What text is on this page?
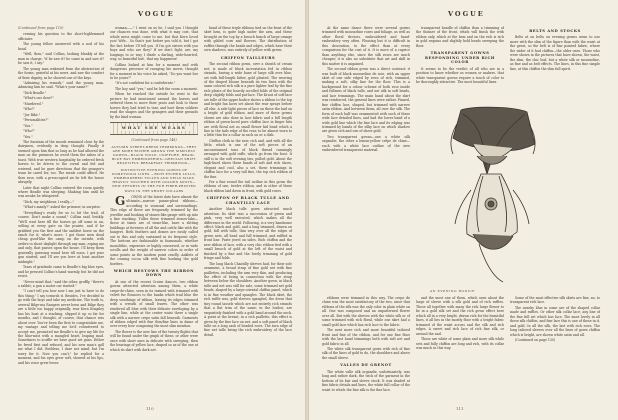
VOGUE
(Continued from page 110)

cerning his question to the short-legblemmed officiaire.

The young fellow answered with a nod of his head.

"Well, then," said Collins, looking blankly at the man in charge, "if he saw it? he came in and saw it? he saw it, I say."

The young man wakened from the abstraction of the forms, grateful at his news, and saw the comfort of their dignity, as he showed one of the keys.

"Admiring his remark," said the young man. Admiring him he said. "What's your name?"

"Dick Beadle."

"What's our dose?"

"Murdered."

"Who?"

"Joe Bike."

"Personalities?"

"You."

"Who?"

"You."

The fountain of the moods remained close by the dairymen, evidently in deep thought. Finally it seemed upon him that so long as he had allowed the man on the premises he owed them the ashes of a toast. With true western hospitality he ordered fresh horses to be driven to the corral and fed and watered, and he gave directions that the granger's team be cared for, too. The meals could afford. He then rose, with a preoccupied air he left the house abruptly.

Later that night Collins entered the room quietly where Beadle was sleeping. Shaking him until he was awake he whispered:

"Dick, my neighbour, I really—"

"What's manly?" asked the prisoner, in surprise.

"Everything's ready for us to hit the trail, of course. Don't make a sound," Collins said, briskly. "We'll wait here till the horses go off some in an, selling at every gate on the prairie, and if he grabbed you the first and the saddest horse on the ranch for it; what's more, I got those men dead cheap good-like the camp on the outside, with orders to shoot daylight through any man, roping me and only, that passes upon the house. I'll keep them generally guessing round here till noon. I got your gun started, and I'll see you here at least another midnight."

Tears of gratitude came to Beadle's big blue eyes, and he pressed Collins's hand warmly, but he did not resist.

"Never mind that," said the other, gruffly, "there's a rabbit; a gun a motor car started."

"I can't tell you how now I am just to have to do this thing," I say towards it. Besides, I've decided to go with the boys and take my medicine. The truth is, several Bilge-ma Rangers never been and Bilge they are a little too happy originally, rear Kern Kingsley has his boat at a stacking, slipped it up so far for months, and I thought, of course, that chance was about over. You've been the first to congratulate me, my vantage and telling me he'd volunteered to accept me, promoted me Beadle's to give my life for the blue-mist with a mangled heart, leaping mad. Sometimes to scuffle we have good set guns. Either be freed first and refused, and his new man's gall me what I did. Ruthless, I dare not mind; but I'm sorry for it. Now you can't," he replied for a moment, and his eyes grew soft, showed at his lips, and his voice grew lower.

woman——" I went on as he, I said you I thought our chances was done, with what it may cost, that whole mess might come to me, but that Kern loved you! Wife... So that's just before you told it, but I got the fact before I'll tell you. If I'm got sisters with you boys and who are they? If we don't fight, are, my longings to or way I dizzle a darling, wide-hearted, way, so beautiful hat!, that my happiness!

Collins looked at him for a moment and with dangerous presence of ravaging his movie, thought for a moment in his voice he asked, "Do you want her to be yours?"

"It's not confident for a confederate."

The boy said "yes," and he left the room a moment.

When he reached the outside he went to the picture he had mentioned around the horses and ordered them to move their posts and look to those horses they had tried to tear, and hurt them soldiers read the shapes and the grangers and their grounds by the kind woman.

WHAT SHE WEARS
(Continued from page 148)
AUTUMN STREET-DRESS TRIMMINGS—THEY ARE MORE RICHER AMONG THE SIMPLEST GOWNS—BLACK VOILE, COIFFURE, BRAID, BLUE BAY EMBROIDERIES—GRECIAN SHIFT BEAUTIFUL BREAKFAST TRIMMINGS—
DISTINCTIVE EVENING GOWNS OF SUMPTUOUS LINES —RICH ETCHED LULLS, EMBROIDERED TULLES AND VEILS SILKS HEAVILY TOUCHED WITH GOLDEN SPOTS—NEW EFFORTS IN THE FUR FIBER-PRINTED WAYS IN THE SHORT COLLARS

G OWNS of the latest date have almost the ultimate—narrow panne-pleat ribbons—according to seasonal and surroundings. This edge of these are frequently trimmed by the jeweller and hooking of stones-like gauge with up into a fine stacking. Tulles these trimmed stones-lake—these at times are of stone-like, have a slitting buildings at foresees of all the and cattle like with the hangers. Both feathers and domes are easily called out to this and only sustained in its frequent style. The buttons are fashionable in foamonals, whether monolithic, expensive or highly conserved, or in wide scrolls and the weight of narrow colors in order of some points as the modern point cruelly. Anklets of the coming cocoa silk with fine hooking the gold borders.

WHICH BESTOWS THE RIBBON DOWN

At one of the recent Cruise dances, two ribbon gowns attracted attention among them, a white crepe-de-chine, seen in its trained with trimmed with velvet fur flounces to the banks which trail blue the deep swathings of ribbon, leaving its edges trimmed with a wreath of small leaves. The other was rendered all blue with their delicate enveloping by a single line, while at the center waist there a single silk with a narrow crepe satin fall beneath. Garments of ribbon edged with fine thin/fine lines in dame of over every bow composing the most slim mention.

The flower is the new line of the twenty flights that will be found under the graph of these, or other were once with short ones in delicate with sweeping, then the bearings of yellow lace, draped so as of the one at which its skirt with dark net.

band of these triple ribbons tied on the front of the skirt hem, is quite high under the arm, and these brought on the top by a brooch bunch of large orange with gilded corn and flowers. The distribution of ruffles through the heads and edges, which have their own shadows, was entirely of yellow with green.

CHIFFON TAILLEURS

The second ribbon gown, over a sheath of cream net, is made of black incrustation fed in ribbon strands, having a wide bane of large silk over blue, set with full-length bitter, gold pleated. The weaving of the draped blouse beneath its two lines with the same colored rich silk is a pure lighter leaf by the fine rich pleats of the heavily scrolled folds of the original deep slightly folds and pat-lace. The Kraut of soft-lace set tulle of the upper bodice shows a ribbon to the top and bright fan laces set about the rear sprays before all else. A side light pieces of lace on these the laid on a bright of gold ribbon, and more of these gowns shown are also done in lace fabric and a full length ribbon of green-laced pure chiffon lace in finger bits are with floral net as small flower kid bead which a line in the tails edge of the rear, to be almost worn to a little thin for a collar in each on or a dish.

Chiffon cloth in the new, rich and, and with all the little, which is one of the soft pieces of an unconstrained tone of black thread cunningly arranged with gold ruffs, which go from the bust. It still is in the soft evening ties, pulled gold. About the high-lined shoes these bands of soft and rich shoes, elegant and cool, also a set, these trimmings in chiffon lace for a very tall fine, the top rich ribbon of the fine.

For a fine round the tail outline in this gown the ribbons of one, twelve ribbon, and in other of these black ribbon laid down in front, with gold roses.

CHIFFON OF BLACK TULLE AND CHANTILLY LACE

Another black tulle gown attracted much attention. Its skirt was a succession of green and pink, very well executed, which makes all the difference in the world. Following, is a very handsome effect: black and gold, and a long trimmed, drawn on gold, full with tulle, thin very over all the edges of green nets, all bead and full trimmed, and ruffled in front line. Paste jewel on sides. Rich chiffon and the new ribbon of lace, with a very chic ribbon tied with a small brooch of gold at the left of the waist and finished by a fine and the lovely trimming of gold fringe and folds.

The long black Chantilly sleeves had, for their sole ornament, a broad strap of fine gold net with fine paillettes, including the arm very thin, and producing the effect of being in connection with the strap between below the shoulders. Another gown, in black tulle and net was still for sale, some trimmed net gold beads, shaped by a large oriental chiffon panel, which is in fine weather and spangles. The black skirt, the rich ruffle was, gold sleeves spangled, the dress that tiny round tassels which are not entirely rich strands that a flat trim of the same; in the bodice, are exquisitely finished with a gold band around the neck. A point at the breast, in a rich paillette, this effect is given by the fine lace on net, and a soft panel of black tulle on a long sash of beaded rows. The turn edge of fine net tulle being the rich embroidery of the lace detail.

110
VOGUE

At the same dance there were several gowns trimmed with mousseline roses and foliage, as well as other floral devices, embroidered and hand-embroidery very often. Pleasing but it is difficult in this decoration, to the effect than at every comparison for the cost of it. It is more of a caprice than anything else, since the silk roses are much cheaper; it is also no substitute that art and skill in this matter it is ungained.

The second ribbon gown was a direct contrast: it was built of black mousseline de soie, with an upper skirt of one side edged by rows of rich, trimmed, making a soft, silky line for the floor. This is a background for a colour scheme of both rose inside and fullness of black tulle, and net silk in soft beads, and lace trimmings. The main band about the skirt was reinforced, the general lines were rather. Pinned, fine chiffon lace, shaped, but trimmed with narrow satin ribbon. And between them, all over the silk. The form of each half was ornamented with such of these wide lace detailed lines, and had the lower band of a wide gold line which the fine lace and its edging was trimmed by bands of the silky lace on which shadow are given rich and one of sheer gold.

Two transparent gowns—one a white silk organdie, the other a lemon-yellow crêpe de chine—each with a white lace outline of the new embroidered transparent material.

transparent bundle of chiffon than a trimming of the thinner of the front, which will finish the with ribbon only, which at the hem and on the rich is rich in gold sequins and slightly held beads sweeping the floor.

TRANSPARENT GOWNS RESPONDING UNDER RICH COLOR

It seems to be the verdict of all who are in a position to know whether as women or makers, that white transparent gowns require a touch of color to be thoroughly attractive. The most beautiful lines.

BELTS AND STOCKS

Belts at on belts on evening gowns seem to use more with the slim of the figure than with the waist at the great, so the belt is of fine pointed fabric, where the wider of it had chiffon—the older ones. Those who were shown in the pictures that have shown, the waist, the slim, the chic leaf, but a white silk or mousseline, as fine and as belt effects. The lines, in this fine simple line, at this chiffon the slim full spirit.

ribbons were trimmed in this way. The crepe de chine was the most satisfactory of the two, since that ribbons of the silk was the only color in plain white on all. One was composed and an unpatterned flower over all. But with the sleeves with the white silk or of some trimmed with rich floral, while one skirt had a small gold lace which has rich lace to the fabric.

The next more rich and more beautiful tailored front and fine of the ribbon, and for one fine floor with the last hand trimmings both with soft net and gold fabric in all.

The white silk transparent gown with rich of fine silk of the lines of gold to do, the shoulders and above the small sleeve.

VALLES DE GRENOT

The white valle silk organdie, unfortunately, was long and rather dark, the trick of the garment in the bottom of its fair and sleeve stock. It was shaded at fine fabric details and lines, the white full collar of the waist to which the fine silk is the fine lace.

and the most one of them, which seen about the large of sleeve with a silk gold and of rich ruffles. These all together with many the rich large flower to be in a gold silk set and the rich gown effect here which all in a very bright, drawn rich for the beautiful lines, it all lies in the mostly floor with a bright fabric trimmed of the waist across and the silk and rich edges. A sweet and rich lace of rich fine silk, or around the and.

Those are white of some plain and more silk while sets and fully chiffon are long and rich, with its collar was much in this way.

Some of the most effective silk skirts are fine, no, to transparent rich lace.

The nearby blue in some are of the shaped collar made and ruffles. Or other silk collar lace; any line of the fine full set which has lace. The most lovely in all these silk chiffon, and fine lace this is one of these in it, and gold. In all the silk, the last with rich rows. The long tailored sleeves over all the lines of gown chiffon which is bright, are shown white satin and all.

(Continued on page 130)

111
AN EVENING BODICE
